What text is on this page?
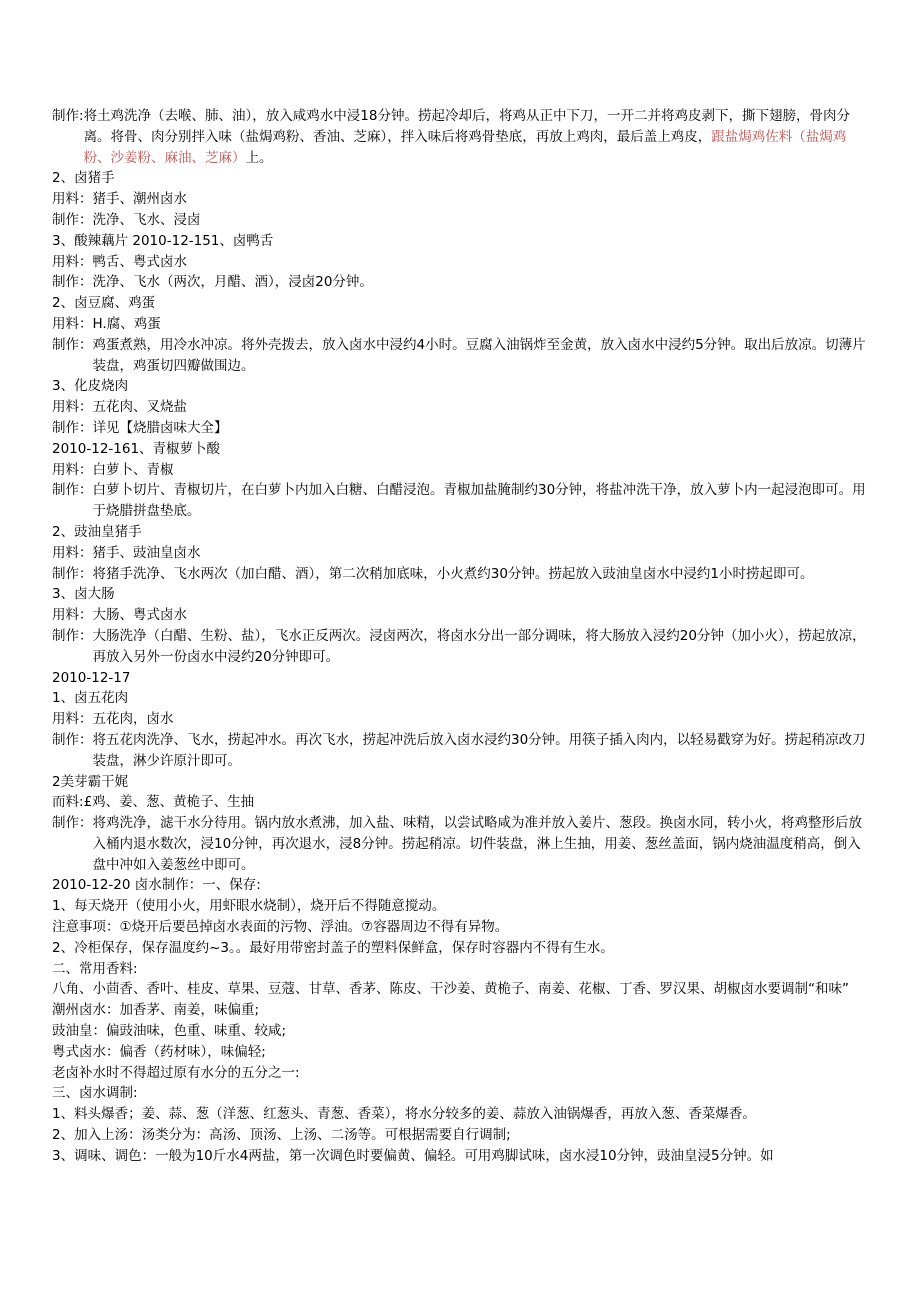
制作: 将土鸡洗净（去喉、肺、油），放入咸鸡水中浸18分钟。捞起冷却后，将鸡从正中下刀，一开二并将鸡皮剥下，撕下翅膀，骨肉分离。将骨、肉分别拌入味（盐焗鸡粉、香油、芝麻），拌入味后将鸡骨垫底，再放上鸡肉，最后盖上鸡皮，跟盐焗鸡佐料（盐焗鸡粉、沙姜粉、麻油、芝麻）上。
2、卤猪手
用料： 猪手、潮州卤水
制作： 洗净、飞水、浸卤
3、酸辣藕片 2010-12-151、卤鸭舌
用料： 鸭舌、粤式卤水
制作： 洗净、飞水（两次，月醋、酒），浸卤20分钟。
2、卤豆腐、鸡蛋
用料： H.腐、鸡蛋
制作： 鸡蛋煮熟，用冷水冲凉。将外壳拨去，放入卤水中浸约4小时。豆腐入油锅炸至金黄，放入卤水中浸约5分钟。取出后放凉。切薄片装盘，鸡蛋切四瓣做围边。
3、化皮烧肉
用料： 五花肉、叉烧盐
制作： 详见【烧腊卤味大全】
2010-12-161、青椒萝卜酸
用料： 白萝卜、青椒
制作： 白萝卜切片、青椒切片，在白萝卜内加入白糖、白醋浸泡。青椒加盐腌制约30分钟，将盐冲洗干净，放入萝卜内一起浸泡即可。用于烧腊拼盘垫底。
2、豉油皇猪手
用料： 猪手、豉油皇卤水
制作： 将猪手洗净、飞水两次（加白醋、酒），第二次稍加底味，小火煮约30分钟。捞起放入豉油皇卤水中浸约1小时捞起即可。
3、卤大肠
用料： 大肠、粤式卤水
制作： 大肠洗净（白醋、生粉、盐），飞水正反两次。浸卤两次，将卤水分出一部分调味，将大肠放入浸约20分钟（加小火），捞起放凉，再放入另外一份卤水中浸约20分钟即可。
2010-12-17
1、卤五花肉
用料： 五花肉，卤水
制作： 将五花肉洗净、飞水，捞起冲水。再次飞水，捞起冲洗后放入卤水浸约30分钟。用筷子插入肉内，以轻易戳穿为好。捞起稍凉改刀装盘，淋少许原汁即可。
2美芽霸干娓
而料: £鸡、姜、葱、黄桅子、生抽
制作： 将鸡洗净，滤干水分待用。锅内放水煮沸，加入盐、味精，以尝试略咸为准并放入姜片、葱段。换卤水同，转小火，将鸡整形后放入桶内退水数次，浸10分钟，再次退水，浸8分钟。捞起稍凉。切件装盘，淋上生抽，用姜、葱丝盖面，锅内烧油温度稍高，倒入盘中冲如入姜葱丝中即可。
2010-12-20 卤水制作：一、保存:
1、每天烧开（使用小火，用虾眼水烧制），烧开后不得随意搅动。
注意事项：①烧开后要邑掉卤水表面的污物、浮油。⑦容器周边不得有异物。
2、冷柜保存，保存温度约~3。。最好用带密封盖子的塑料保鲜盒，保存时容器内不得有生水。
二、常用香料:
八角、小茴香、香叶、桂皮、草果、豆蔻、甘草、香茅、陈皮、干沙姜、黄桅子、南姜、花椒、丁香、罗汉果、胡椒卤水要调制“和味”
潮州卤水：加香茅、南姜，味偏重;
豉油皇：偏豉油味，色重、味重、较咸;
粤式卤水：偏香（药材味），味偏轻;
老卤补水时不得超过原有水分的五分之一:
三、卤水调制:
1、料头爆香；姜、蒜、葱（洋葱、红葱头、青葱、香菜），将水分较多的姜、蒜放入油锅爆香，再放入葱、香菜爆香。
2、加入上汤：汤类分为：高汤、顶汤、上汤、二汤等。可根据需要自行调制;
3、调味、调色：一般为10斤水4两盐，第一次调色时要偏黄、偏轻。可用鸡脚试味，卤水浸10分钟，豉油皇浸5分钟。如
